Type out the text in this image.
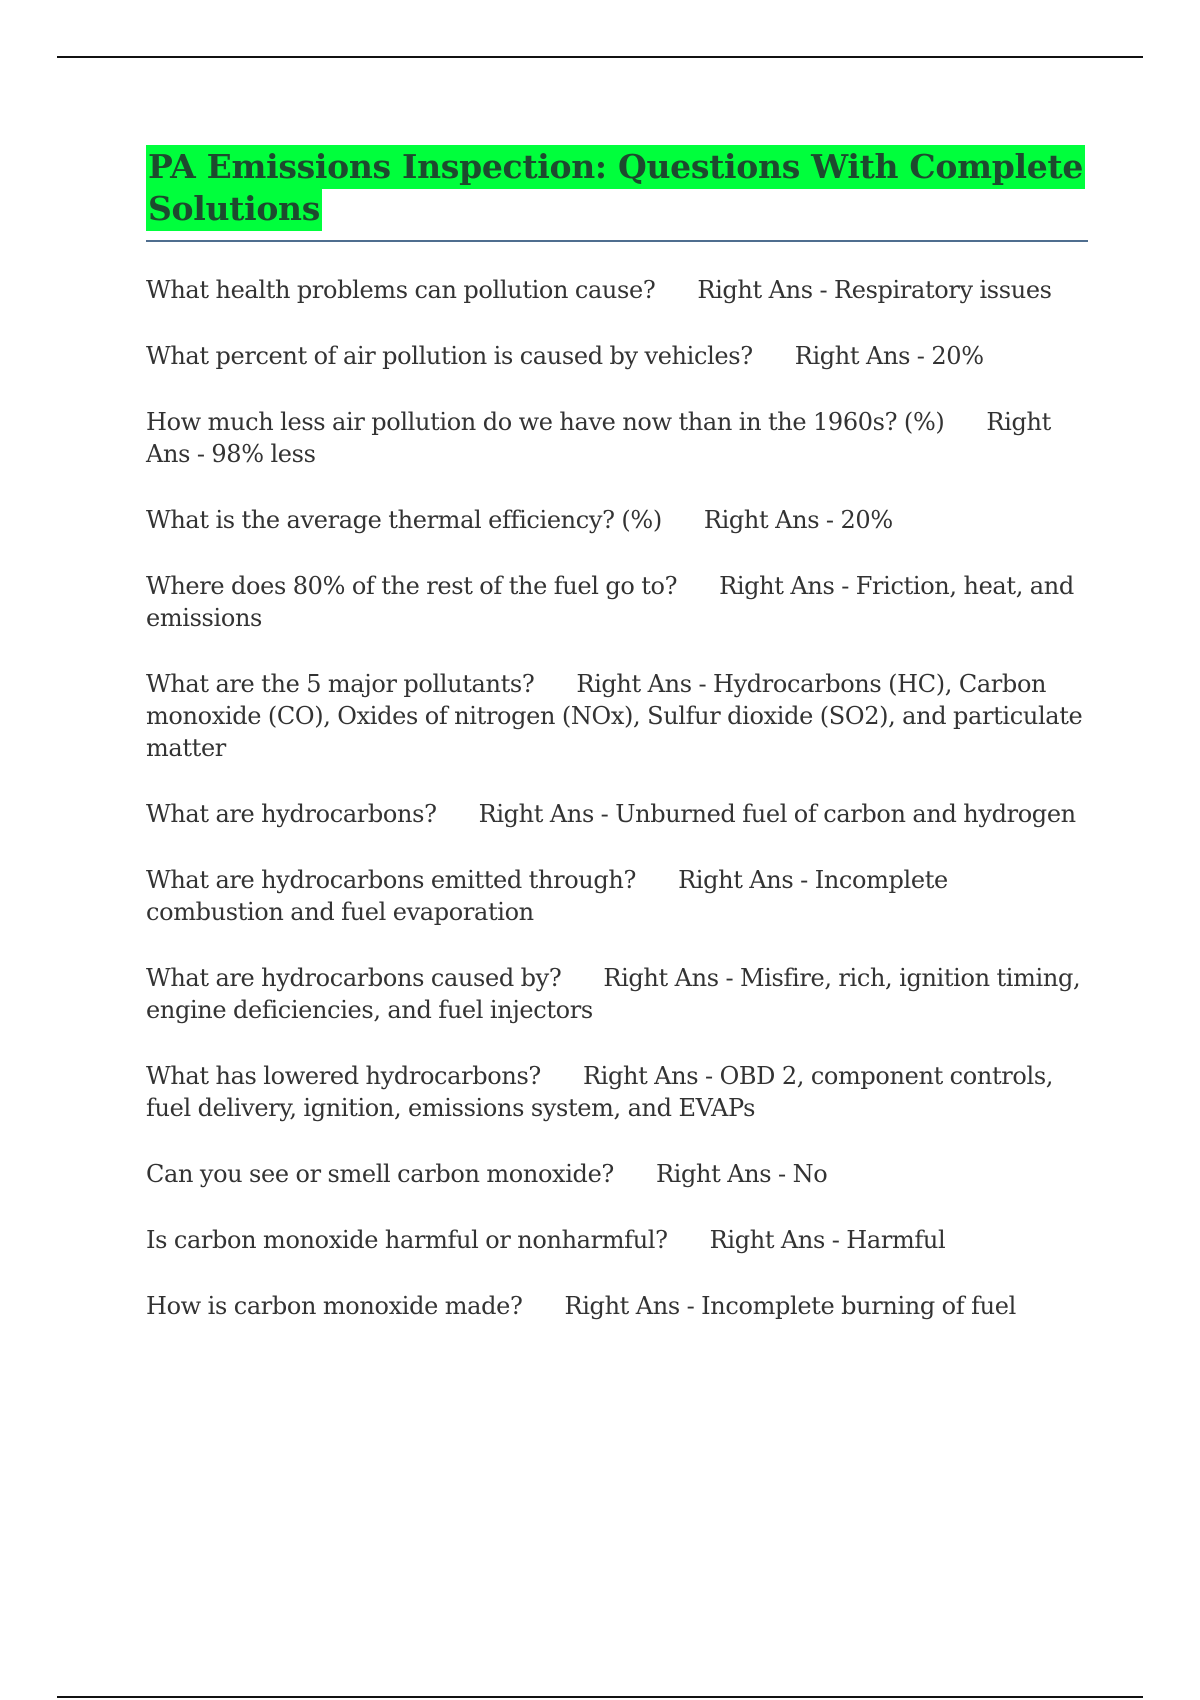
PA Emissions Inspection: Questions With Complete Solutions

What health problems can pollution cause? Right Ans - Respiratory issues

What percent of air pollution is caused by vehicles? Right Ans - 20%

How much less air pollution do we have now than in the 1960s? (%) Right Ans - 98% less

What is the average thermal efficiency? (%) Right Ans - 20%

Where does 80% of the rest of the fuel go to? Right Ans - Friction, heat, and emissions

What are the 5 major pollutants? Right Ans - Hydrocarbons (HC), Carbon monoxide (CO), Oxides of nitrogen (NOx), Sulfur dioxide (SO2), and particulate matter

What are hydrocarbons? Right Ans - Unburned fuel of carbon and hydrogen

What are hydrocarbons emitted through? Right Ans - Incomplete combustion and fuel evaporation

What are hydrocarbons caused by? Right Ans - Misfire, rich, ignition timing, engine deficiencies, and fuel injectors

What has lowered hydrocarbons? Right Ans - OBD 2, component controls, fuel delivery, ignition, emissions system, and EVAPs

Can you see or smell carbon monoxide? Right Ans - No

Is carbon monoxide harmful or nonharmful? Right Ans - Harmful

How is carbon monoxide made? Right Ans - Incomplete burning of fuel
